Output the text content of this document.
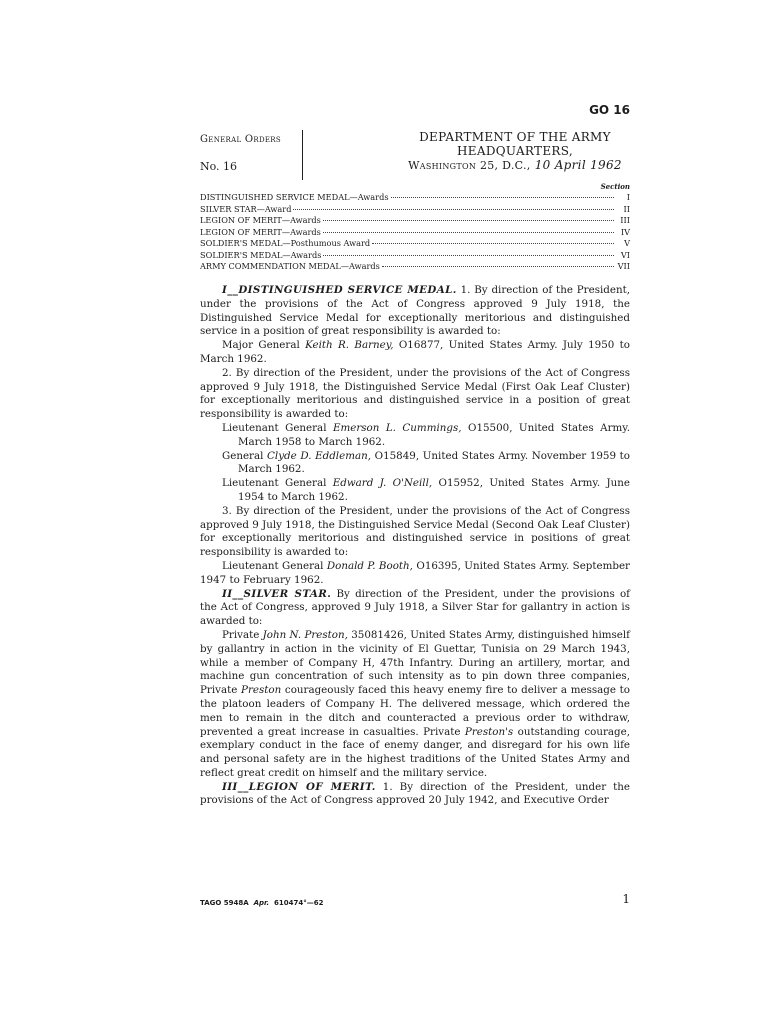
GO 16
General Orders
No. 16
DEPARTMENT OF THE ARMY
HEADQUARTERS,
Washington 25, D.C., 10 April 1962
Section
DISTINGUISHED SERVICE MEDAL—Awards	I
SILVER STAR—Award	II
LEGION OF MERIT—Awards	III
LEGION OF MERIT—Awards	IV
SOLDIER'S MEDAL—Posthumous Award	V
SOLDIER'S MEDAL—Awards	VI
ARMY COMMENDATION MEDAL—Awards	VII

I__DISTINGUISHED SERVICE MEDAL. 1. By direction of the President, under the provisions of the Act of Congress approved 9 July 1918, the Distinguished Service Medal for exceptionally meritorious and distinguished service in a position of great responsibility is awarded to:

Major General Keith R. Barney, O16877, United States Army. July 1950 to March 1962.

2. By direction of the President, under the provisions of the Act of Congress approved 9 July 1918, the Distinguished Service Medal (First Oak Leaf Cluster) for exceptionally meritorious and distinguished service in a position of great responsibility is awarded to:

Lieutenant General Emerson L. Cummings, O15500, United States Army. March 1958 to March 1962.

General Clyde D. Eddleman, O15849, United States Army. November 1959 to March 1962.

Lieutenant General Edward J. O'Neill, O15952, United States Army. June 1954 to March 1962.

3. By direction of the President, under the provisions of the Act of Congress approved 9 July 1918, the Distinguished Service Medal (Second Oak Leaf Cluster) for exceptionally meritorious and distinguished service in positions of great responsibility is awarded to:

Lieutenant General Donald P. Booth, O16395, United States Army. September 1947 to February 1962.

II__SILVER STAR. By direction of the President, under the provisions of the Act of Congress, approved 9 July 1918, a Silver Star for gallantry in action is awarded to:

Private John N. Preston, 35081426, United States Army, distinguished himself by gallantry in action in the vicinity of El Guettar, Tunisia on 29 March 1943, while a member of Company H, 47th Infantry. During an artillery, mortar, and machine gun concentration of such intensity as to pin down three companies, Private Preston courageously faced this heavy enemy fire to deliver a message to the platoon leaders of Company H. The delivered message, which ordered the men to remain in the ditch and counteracted a previous order to withdraw, prevented a great increase in casualties. Private Preston's outstanding courage, exemplary conduct in the face of enemy danger, and disregard for his own life and personal safety are in the highest traditions of the United States Army and reflect great credit on himself and the military service.

III__LEGION OF MERIT. 1. By direction of the President, under the provisions of the Act of Congress approved 20 July 1942, and Executive Order

TAGO 5948A Apr. 610474°—62	1
